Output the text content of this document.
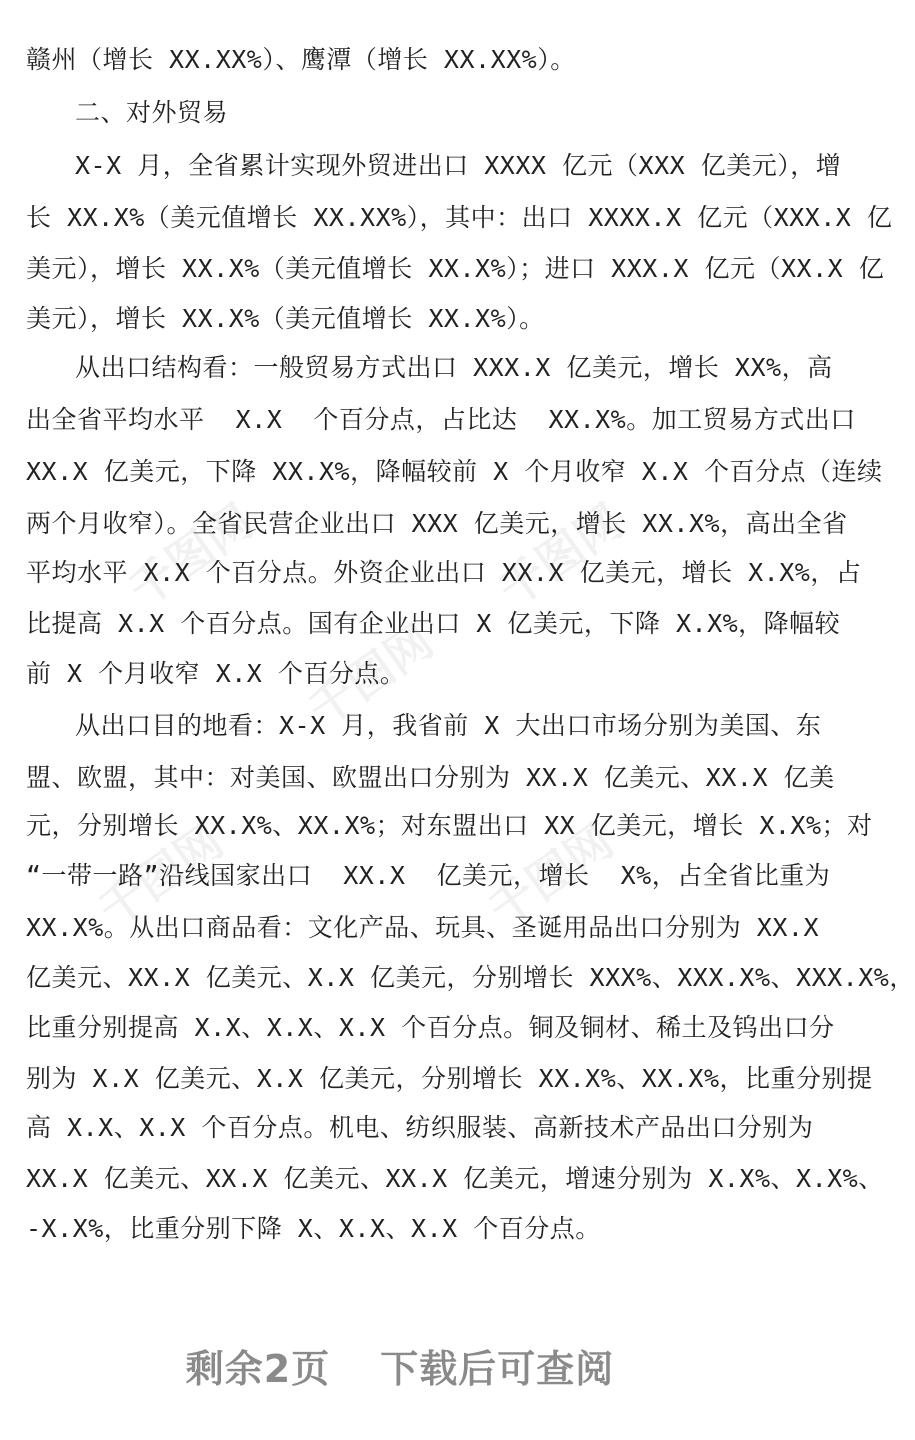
千图网	千图网
千图网
千图网	千图网
赣州（增长 XX.XX%）、鹰潭（增长 XX.XX%）。
二、对外贸易
X-X 月，全省累计实现外贸进出口 XXXX 亿元（XXX 亿美元），增
长 XX.X%（美元值增长 XX.XX%），其中：出口 XXXX.X 亿元（XXX.X 亿
美元），增长 XX.X%（美元值增长 XX.X%）；进口 XXX.X 亿元（XX.X 亿
美元），增长 XX.X%（美元值增长 XX.X%）。
从出口结构看：一般贸易方式出口 XXX.X 亿美元，增长 XX%，高
出全省平均水平  X.X  个百分点，占比达  XX.X%。加工贸易方式出口
XX.X 亿美元，下降 XX.X%，降幅较前 X 个月收窄 X.X 个百分点（连续
两个月收窄）。全省民营企业出口 XXX 亿美元，增长 XX.X%，高出全省
平均水平 X.X 个百分点。外资企业出口 XX.X 亿美元，增长 X.X%，占
比提高 X.X 个百分点。国有企业出口 X 亿美元，下降 X.X%，降幅较
前 X 个月收窄 X.X 个百分点。
从出口目的地看：X-X 月，我省前 X 大出口市场分别为美国、东
盟、欧盟，其中：对美国、欧盟出口分别为 XX.X 亿美元、XX.X 亿美
元，分别增长 XX.X%、XX.X%；对东盟出口 XX 亿美元，增长 X.X%；对
“一带一路”沿线国家出口  XX.X  亿美元，增长  X%，占全省比重为
XX.X%。从出口商品看：文化产品、玩具、圣诞用品出口分别为 XX.X
亿美元、XX.X 亿美元、X.X 亿美元，分别增长 XXX%、XXX.X%、XXX.X%，
比重分别提高 X.X、X.X、X.X 个百分点。铜及铜材、稀土及钨出口分
别为 X.X 亿美元、X.X 亿美元，分别增长 XX.X%、XX.X%，比重分别提
高 X.X、X.X 个百分点。机电、纺织服装、高新技术产品出口分别为
XX.X 亿美元、XX.X 亿美元、XX.X 亿美元，增速分别为 X.X%、X.X%、
-X.X%，比重分别下降 X、X.X、X.X 个百分点。
剩余2页 下载后可查阅
